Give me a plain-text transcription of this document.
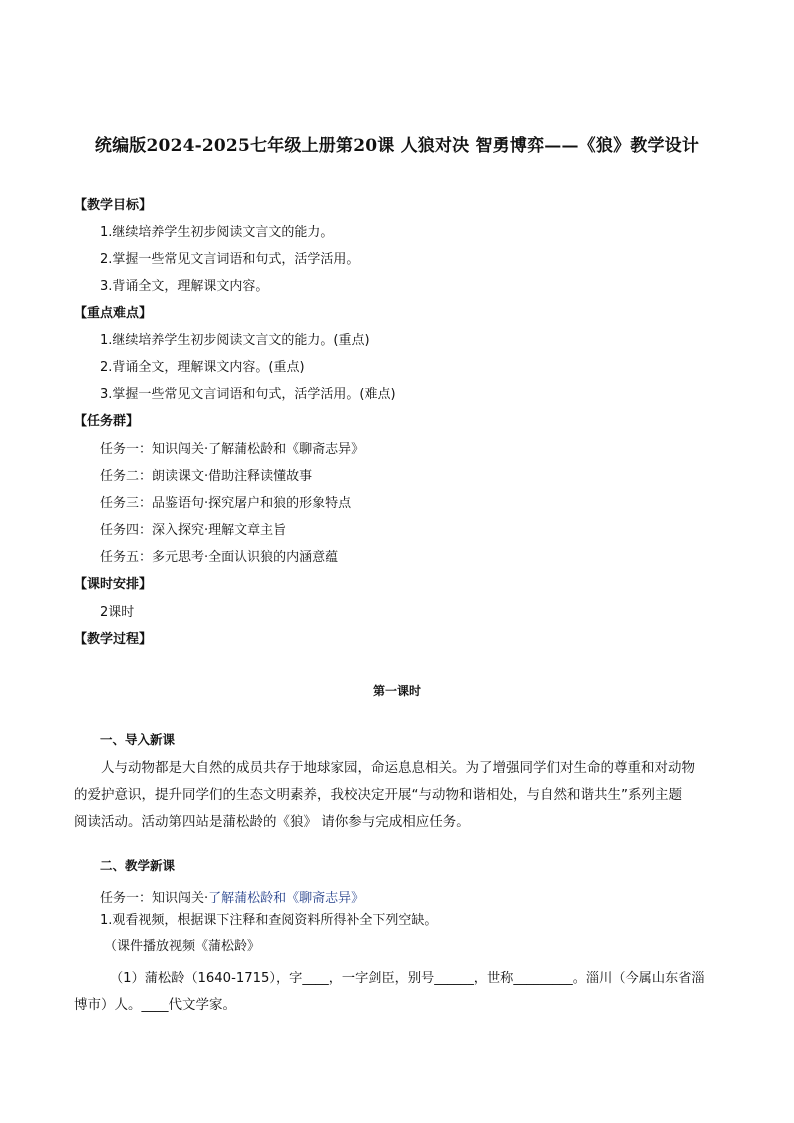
统编版2024-2025七年级上册第20课 人狼对决 智勇博弈——《狼》教学设计
【教学目标】
1.继续培养学生初步阅读文言文的能力。
2.掌握一些常见文言词语和句式，活学活用。
3.背诵全文，理解课文内容。
【重点难点】
1.继续培养学生初步阅读文言文的能力。(重点)
2.背诵全文，理解课文内容。(重点)
3.掌握一些常见文言词语和句式，活学活用。(难点)
【任务群】
任务一：知识闯关·了解蒲松龄和《聊斋志异》
任务二：朗读课文·借助注释读懂故事
任务三：品鉴语句·探究屠户和狼的形象特点
任务四：深入探究·理解文章主旨
任务五：多元思考·全面认识狼的内涵意蕴
【课时安排】
2课时
【教学过程】
第一课时
一、导入新课
人与动物都是大自然的成员共存于地球家园，命运息息相关。为了增强同学们对生命的尊重和对动物
的爱护意识，提升同学们的生态文明素养，我校决定开展“与动物和谐相处，与自然和谐共生”系列主题
阅读活动。活动第四站是蒲松龄的《狼》 请你参与完成相应任务。
二、教学新课
任务一：知识闯关·了解蒲松龄和《聊斋志异》
1.观看视频，根据课下注释和查阅资料所得补全下列空缺。
（课件播放视频《蒲松龄》
（1）蒲松龄（1640-1715），字____，一字剑臣，别号______，世称_________。淄川（今属山东省淄
博市）人。____代文学家。
